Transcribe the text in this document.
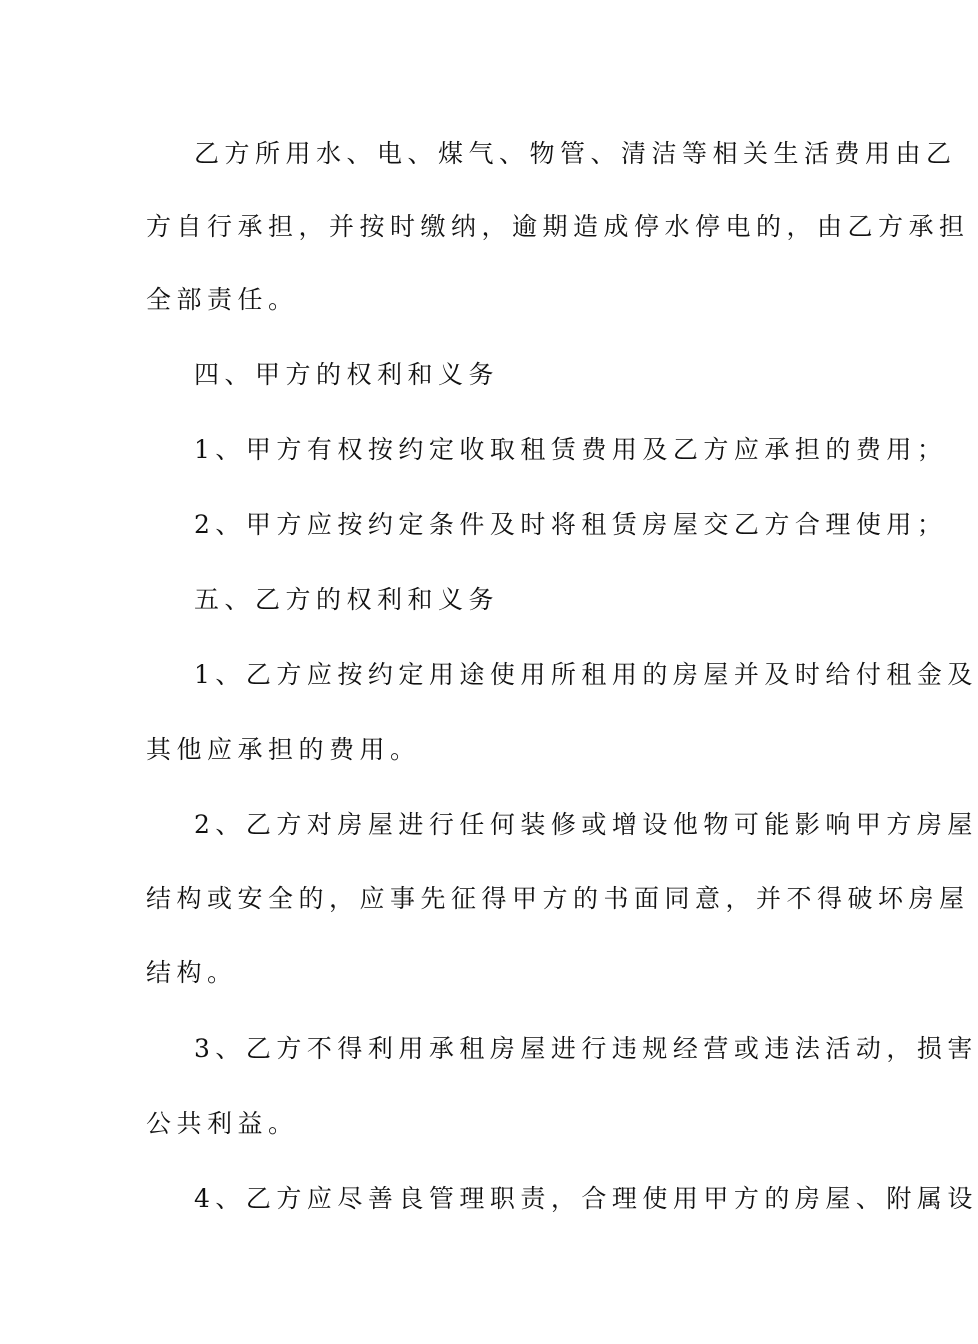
乙方所用水、电、煤气、物管、清洁等相关生活费用由乙
方自行承担，并按时缴纳，逾期造成停水停电的，由乙方承担
全部责任。
四、甲方的权利和义务
1、甲方有权按约定收取租赁费用及乙方应承担的费用；
2、甲方应按约定条件及时将租赁房屋交乙方合理使用；
五、乙方的权利和义务
1、乙方应按约定用途使用所租用的房屋并及时给付租金及
其他应承担的费用。
2、乙方对房屋进行任何装修或增设他物可能影响甲方房屋
结构或安全的，应事先征得甲方的书面同意，并不得破坏房屋
结构。
3、乙方不得利用承租房屋进行违规经营或违法活动，损害
公共利益。
4、乙方应尽善良管理职责，合理使用甲方的房屋、附属设
